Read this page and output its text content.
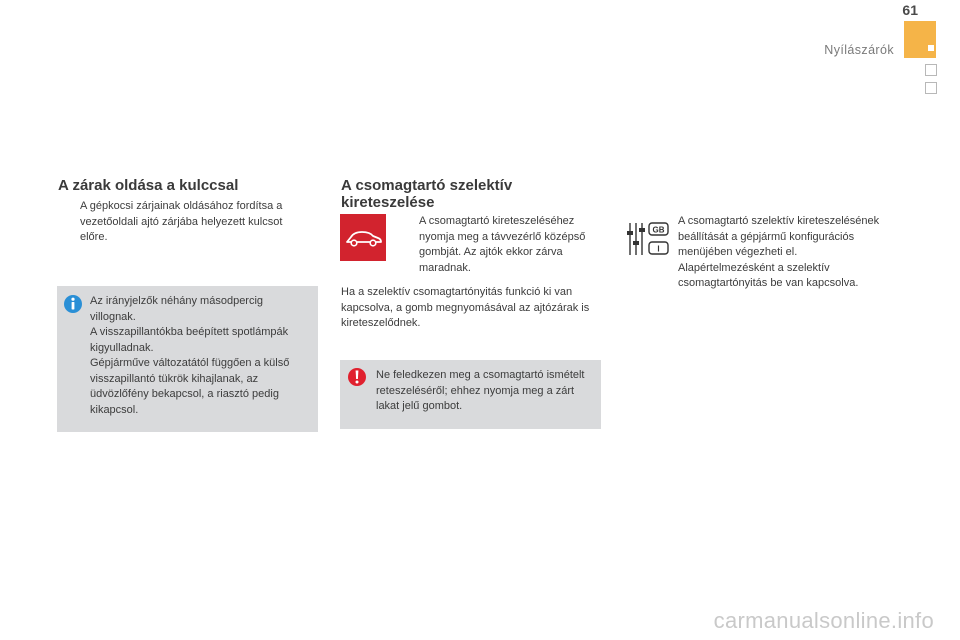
61
Nyílászárók
A zárak oldása a kulccsal
A gépkocsi zárjainak oldásához fordítsa a vezetőoldali ajtó zárjába helyezett kulcsot előre.
Az irányjelzők néhány másodpercig villognak.
A visszapillantókba beépített spotlámpák kigyulladnak.
Gépjárműve változatától függően a külső visszapillantó tükrök kihajlanak, az üdvözlőfény bekapcsol, a riasztó pedig kikapcsol.
A csomagtartó szelektív kireteszelése
A csomagtartó kireteszeléséhez nyomja meg a távvezérlő középső gombját. Az ajtók ekkor zárva maradnak.
Ha a szelektív csomagtartónyitás funkció ki van kapcsolva, a gomb megnyomásával az ajtózárak is kireteszelődnek.
Ne feledkezen meg a csomagtartó ismételt reteszeléséről; ehhez nyomja meg a zárt lakat jelű gombot.
GB
I
A csomagtartó szelektív kireteszelésének beállítását a gépjármű konfigurációs menüjében végezheti el.
Alapértelmezésként a szelektív csomagtartónyitás be van kapcsolva.
carmanualsonline.info
